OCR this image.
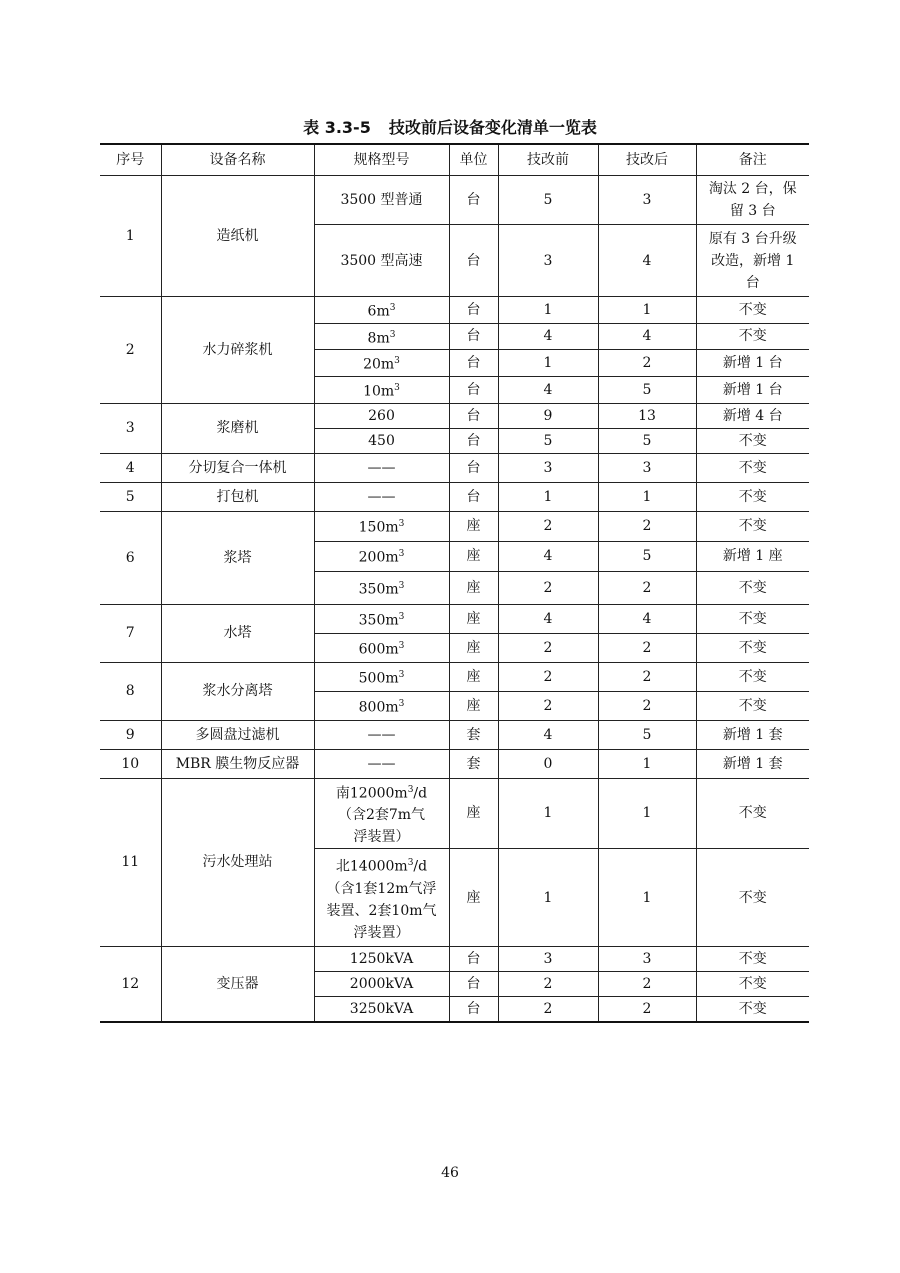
表 3.3-5 技改前后设备变化清单一览表
序号	设备名称	规格型号	单位	技改前	技改后	备注
1	造纸机	3500 型普通	台	5	3	淘汰 2 台，保留 3 台

		3500 型高速	台	3	4	原有 3 台升级改造，新增 1 台

2	水力碎浆机	$6m^3$	台	1	1	不变

		$8m^3$	台	4	4	不变

		$20m^3$	台	1	2	新增 1 台

		$10m^3$	台	4	5	新增 1 台
3	浆磨机	260	台	9	13	新增 4 台

		450	台	5	5	不变
4	分切复合一体机	——	台	3	3	不变
5	打包机	——	台	1	1	不变
6	浆塔	$150m^3$	座	2	2	不变

		$200m^3$	座	4	5	新增 1 座

		$350m^3$	座	2	2	不变
7	水塔	$350m^3$	座	4	4	不变

		$600m^3$	座	2	2	不变
8	浆水分离塔	$500m^3$	座	2	2	不变

		$800m^3$	座	2	2	不变
9	多圆盘过滤机	——	套	4	5	新增 1 套
10	MBR 膜生物反应器	——	套	0	1	新增 1 套
11	污水处理站	南$12000m^3/d$（含2套7m气浮装置）	座	1	1	不变

		北$14000m^3/d$（含1套12m气浮装置、2套10m气浮装置）	座	1	1	不变
12	变压器	1250kVA	台	3	3	不变

		2000kVA	台	2	2	不变

		3250kVA	台	2	2	不变
46
